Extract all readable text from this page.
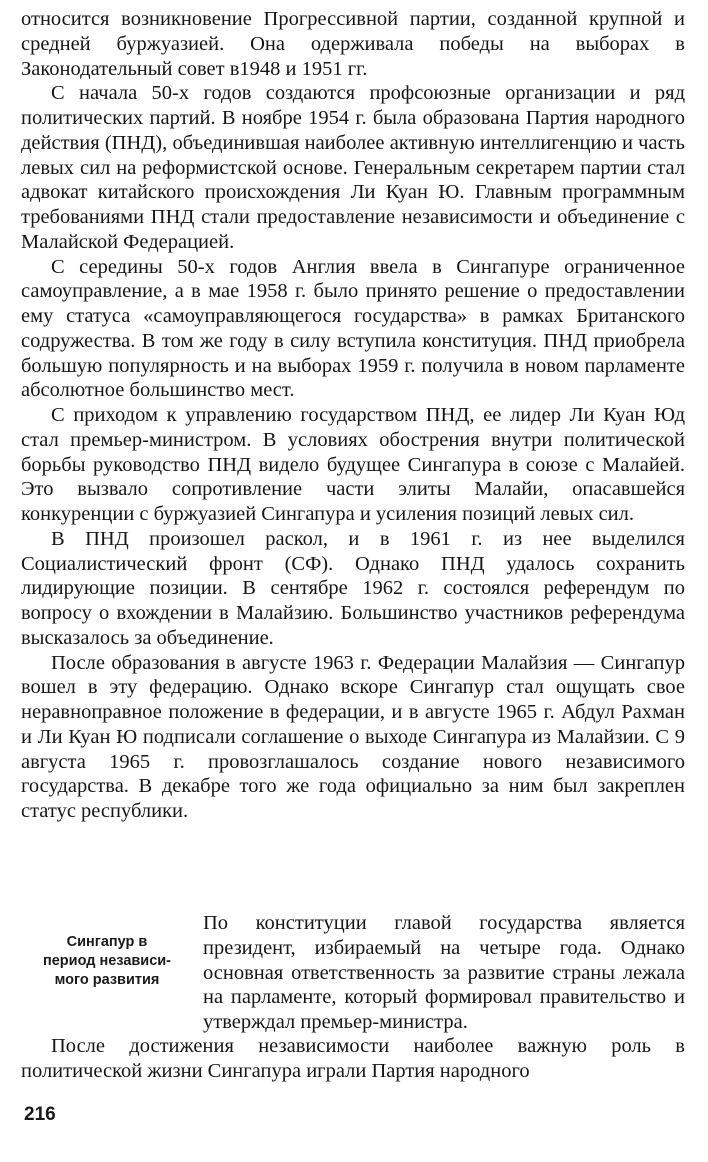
относится возникновение Прогрессивной партии, созданной крупной и средней буржуазией. Она одерживала победы на выборах в Законодательный совет в1948 и 1951 гг.

С начала 50-х годов создаются профсоюзные организации и ряд политических партий. В ноябре 1954 г. была образована Партия народного действия (ПНД), объединившая наиболее активную интеллигенцию и часть левых сил на реформистской основе. Генеральным секретарем партии стал адвокат китайского происхождения Ли Куан Ю. Главным программным требованиями ПНД стали предоставление независимости и объединение с Малайской Федерацией.

С середины 50-х годов Англия ввела в Сингапуре ограниченное самоуправление, а в мае 1958 г. было принято решение о предоставлении ему статуса «самоуправляющегося государства» в рамках Британского содружества. В том же году в силу вступила конституция. ПНД приобрела большую популярность и на выборах 1959 г. получила в новом парламенте абсолютное большинство мест.

С приходом к управлению государством ПНД, ее лидер Ли Куан Юд стал премьер-министром. В условиях обострения внутри политической борьбы руководство ПНД видело будущее Сингапура в союзе с Малайей. Это вызвало сопротивление части элиты Малайи, опасавшейся конкуренции с буржуазией Сингапура и усиления позиций левых сил.

В ПНД произошел раскол, и в 1961 г. из нее выделился Социалистический фронт (СФ). Однако ПНД удалось сохранить лидирующие позиции. В сентябре 1962 г. состоялся референдум по вопросу о вхождении в Малайзию. Большинство участников референдума высказалось за объединение.

После образования в августе 1963 г. Федерации Малайзия — Сингапур вошел в эту федерацию. Однако вскоре Сингапур стал ощущать свое неравноправное положение в федерации, и в августе 1965 г. Абдул Рахман и Ли Куан Ю подписали соглашение о выходе Сингапура из Малайзии. С 9 августа 1965 г. провозглашалось создание нового независимого государства. В декабре того же года официально за ним был закреплен статус республики.

Сингапур в
период независи-
мого развития

По конституции главой государства является президент, избираемый на четыре года. Однако основная ответственность за развитие страны лежала на парламенте, который формировал правительство и утверждал премьер-министра.

После достижения независимости наиболее важную роль в политической жизни Сингапура играли Партия народного

216
